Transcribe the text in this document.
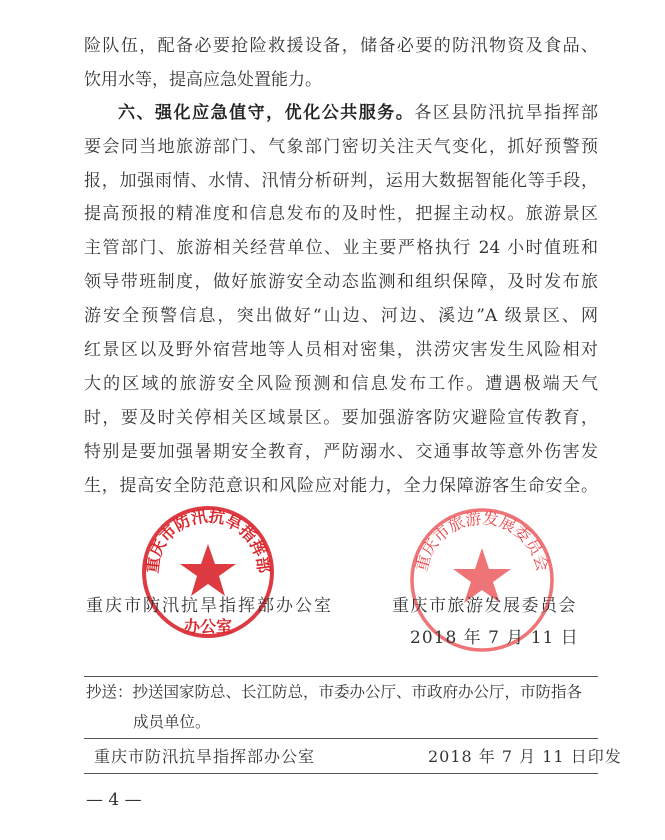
重庆市防汛抗旱指挥部
办公室
重庆市旅游发展委员会
险队伍，配备必要抢险救援设备，储备必要的防汛物资及食品、
饮用水等，提高应急处置能力。
六、强化应急值守，优化公共服务。各区县防汛抗旱指挥部
要会同当地旅游部门、气象部门密切关注天气变化，抓好预警预
报，加强雨情、水情、汛情分析研判，运用大数据智能化等手段，
提高预报的精准度和信息发布的及时性，把握主动权。旅游景区
主管部门、旅游相关经营单位、业主要严格执行 24 小时值班和
领导带班制度，做好旅游安全动态监测和组织保障，及时发布旅
游安全预警信息，突出做好“山边、河边、溪边”A 级景区、网
红景区以及野外宿营地等人员相对密集，洪涝灾害发生风险相对
大的区域的旅游安全风险预测和信息发布工作。遭遇极端天气
时，要及时关停相关区域景区。要加强游客防灾避险宣传教育，
特别是要加强暑期安全教育，严防溺水、交通事故等意外伤害发
生，提高安全防范意识和风险应对能力，全力保障游客生命安全。
重庆市防汛抗旱指挥部办公室	重庆市旅游发展委员会
2018 年 7 月 11 日
抄送：抄送国家防总、长江防总，市委办公厅、市政府办公厅，市防指各
成员单位。
重庆市防汛抗旱指挥部办公室	2018 年 7 月 11 日印发
— 4 —
